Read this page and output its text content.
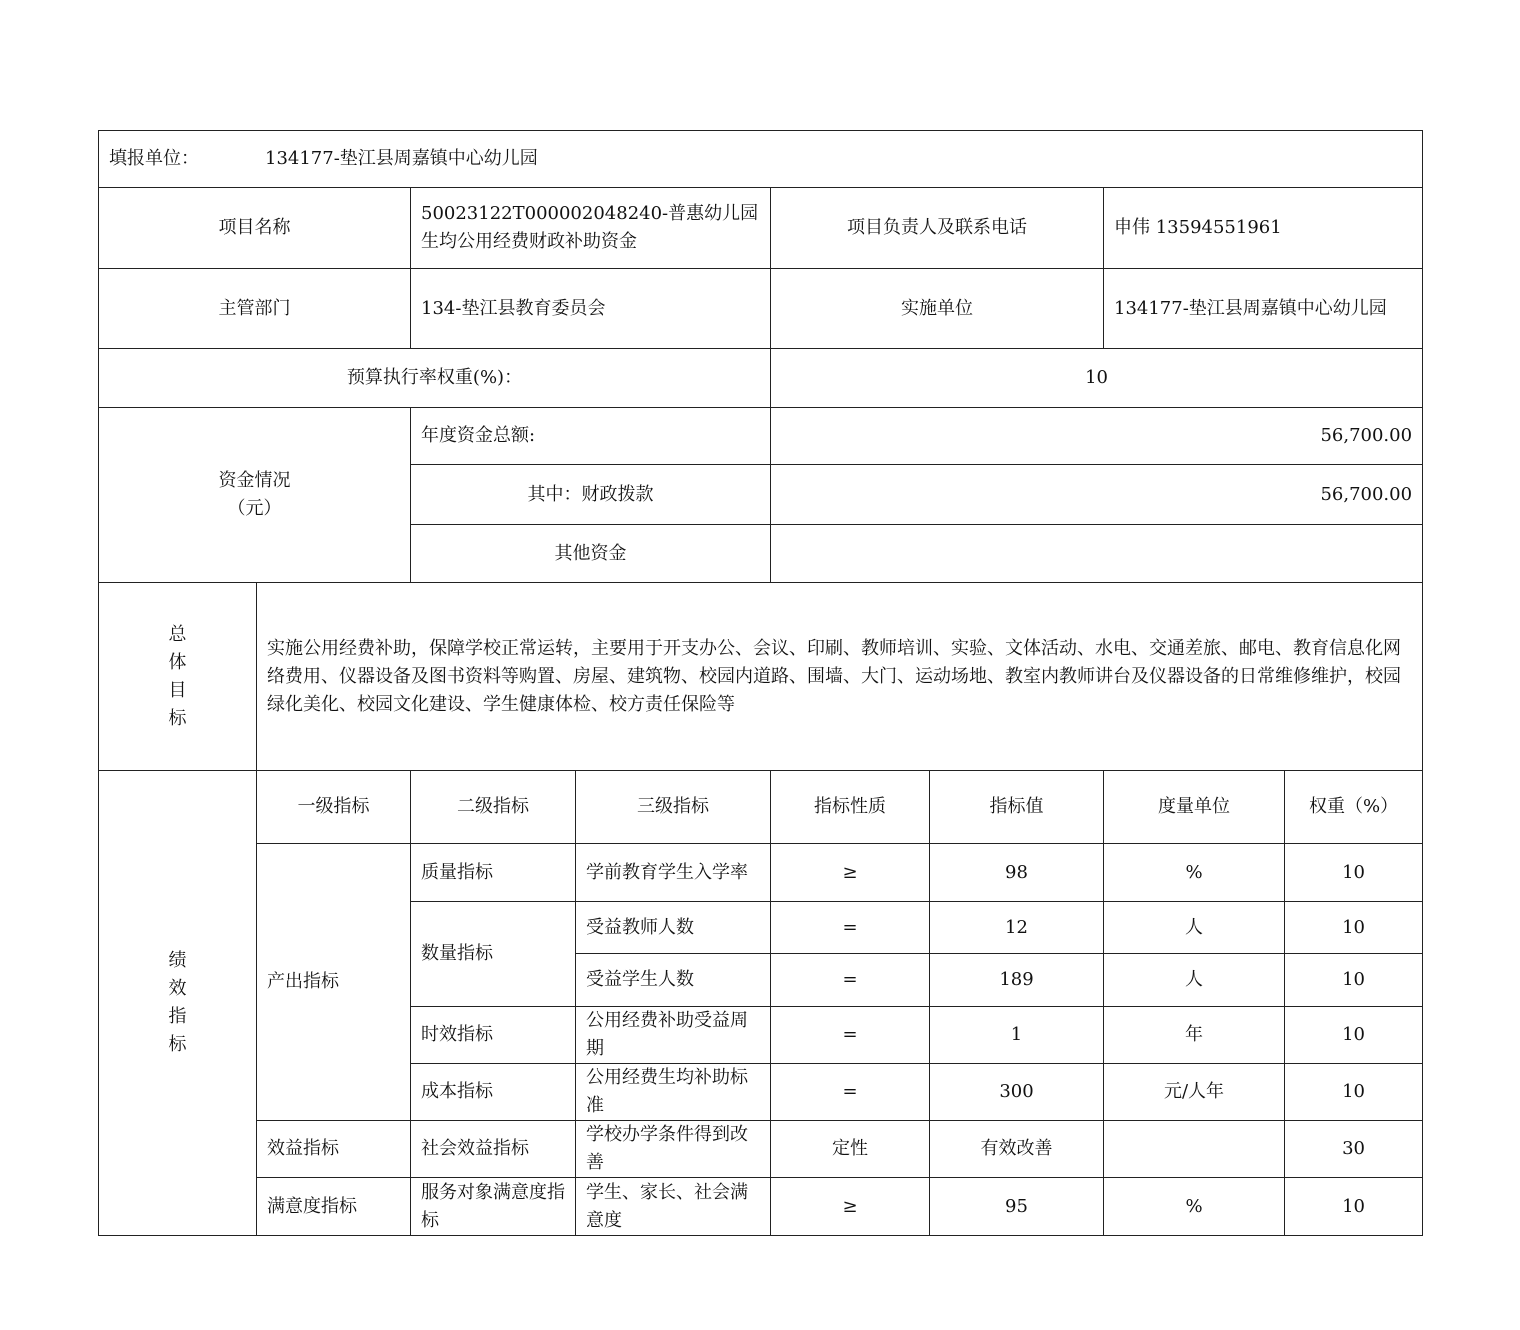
填报单位： 134177-垫江县周嘉镇中心幼儿园							
项目名称		50023122T000002048240-普惠幼儿园生均公用经费财政补助资金		项目负责人及联系电话		申伟 13594551961	
主管部门		134-垫江县教育委员会		实施单位		134177-垫江县周嘉镇中心幼儿园	
预算执行率权重(%)：				10			

资金情况
（元）		年度资金总额:		56,700.00			
		其中：财政拨款		56,700.00			
		其他资金					

总
体
目
标	实施公用经费补助，保障学校正常运转，主要用于开支办公、会议、印刷、教师培训、实验、文体活动、水电、交通差旅、邮电、教育信息化网络费用、仪器设备及图书资料等购置、房屋、建筑物、校园内道路、围墙、大门、运动场地、教室内教师讲台及仪器设备的日常维修维护，校园绿化美化、校园文化建设、学生健康体检、校方责任保险等						

绩
效
指
标	一级指标	二级指标	三级指标	指标性质	指标值	度量单位	权重（%）
	产出指标	质量指标	学前教育学生入学率	≥	98	%	10
		数量指标	受益教师人数	=	12	人	10
			受益学生人数	=	189	人	10
		时效指标	公用经费补助受益周期	=	1	年	10
		成本指标	公用经费生均补助标准	=	300	元/人年	10
	效益指标	社会效益指标	学校办学条件得到改善	定性	有效改善		30
	满意度指标	服务对象满意度指标	学生、家长、社会满意度	≥	95	%	10
